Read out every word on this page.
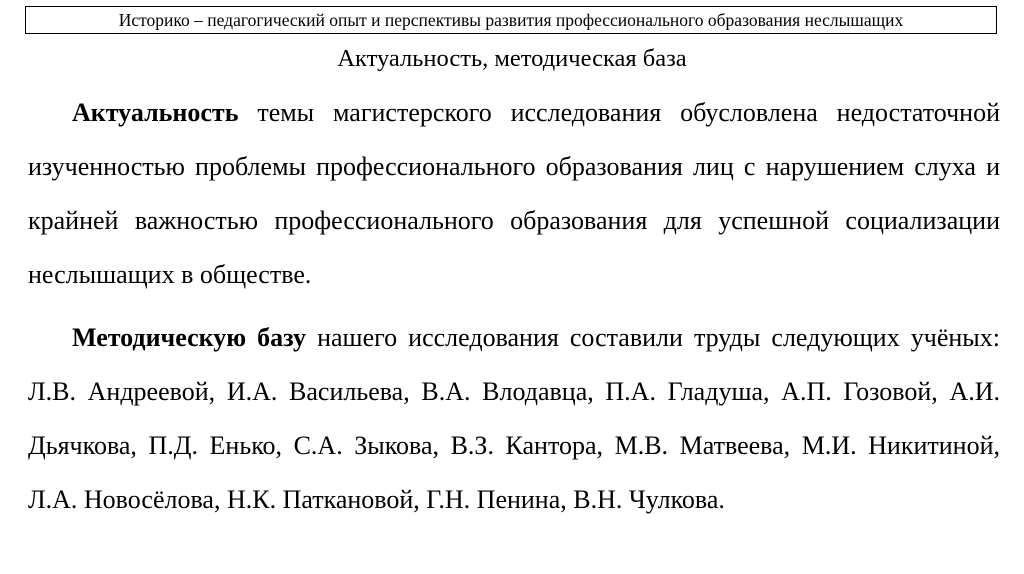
Историко – педагогический опыт и перспективы развития профессионального образования неслышащих
Актуальность, методическая база

Актуальность темы магистерского исследования обусловлена недостаточной изученностью проблемы профессионального образования лиц с нарушением слуха и крайней важностью профессионального образования для успешной социализации неслышащих в обществе.

Методическую базу нашего исследования составили труды следующих учёных: Л.В. Андреевой, И.А. Васильева, В.А. Влодавца, П.А. Гладуша, А.П. Гозовой, А.И. Дьячкова, П.Д. Енько, С.А. Зыкова, В.З. Кантора, М.В. Матвеева, М.И. Никитиной, Л.А. Новосёлова, Н.К. Паткановой, Г.Н. Пенина, В.Н. Чулкова.
